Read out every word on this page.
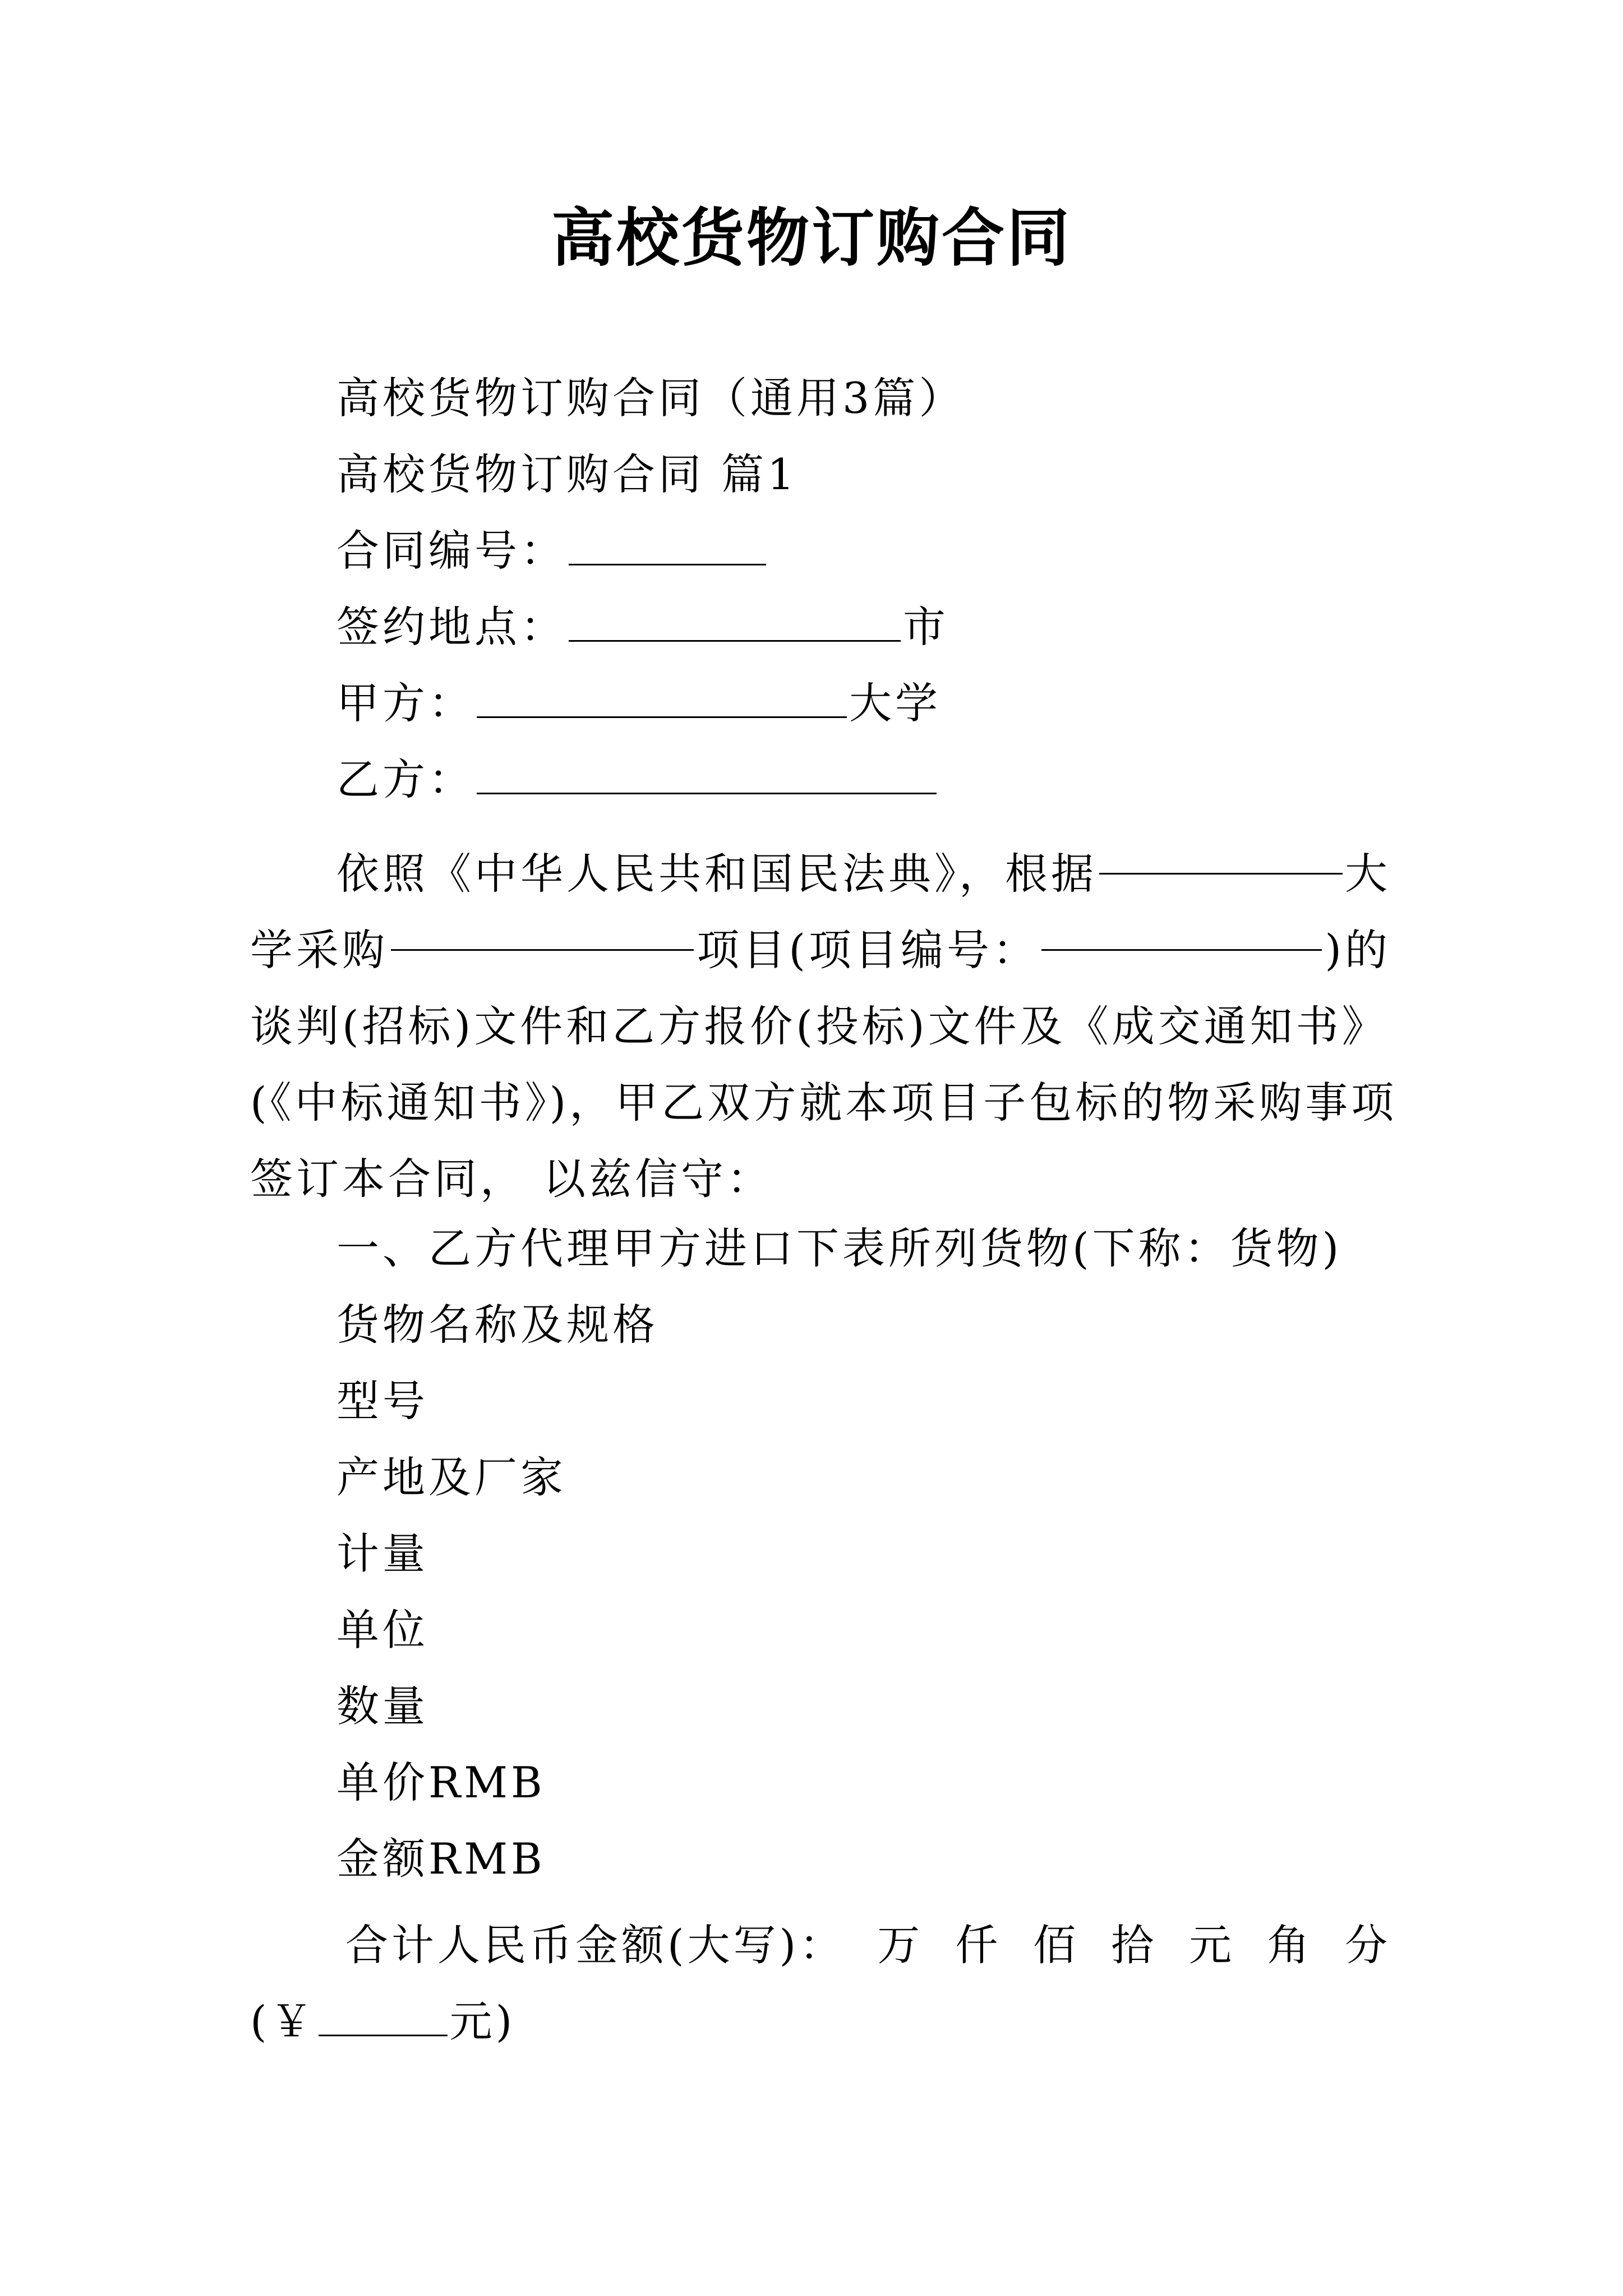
高校货物订购合同
高校货物订购合同（通用3篇）
高校货物订购合同 篇1
合同编号：
签约地点：	市
甲方：	大学
乙方：
依照《中华人民共和国民法典》，根据	大
学采购	项目(项目编号：	)的
谈判(招标)文件和乙方报价(投标)文件及《成交通知书》
(《中标通知书》)，甲乙双方就本项目子包标的物采购事项
签订本合同， 以兹信守：
一、乙方代理甲方进口下表所列货物(下称：货物)
货物名称及规格
型号
产地及厂家
计量
单位
数量
单价RMB
金额RMB
合计人民币金额(大写)： 万 仟 佰 拾 元 角 分
(￥	元)
